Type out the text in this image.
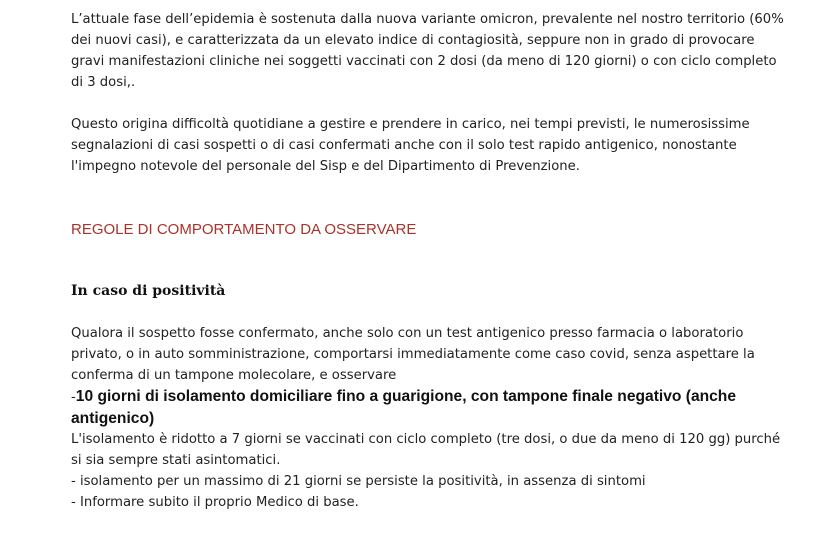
L’attuale fase dell’epidemia è sostenuta dalla nuova variante omicron, prevalente nel nostro territorio (60% dei nuovi casi), e caratterizzata da un elevato indice di contagiosità, seppure non in grado di provocare gravi manifestazioni cliniche nei soggetti vaccinati con 2 dosi (da meno di 120 giorni) o con ciclo completo di 3 dosi,.

Questo origina difficoltà quotidiane a gestire e prendere in carico, nei tempi previsti, le numerosissime segnalazioni di casi sospetti o di casi confermati anche con il solo test rapido antigenico, nonostante l'impegno notevole del personale del Sisp e del Dipartimento di Prevenzione.

REGOLE DI COMPORTAMENTO DA OSSERVARE

In caso di positività

Qualora il sospetto fosse confermato, anche solo con un test antigenico presso farmacia o laboratorio privato, o in auto somministrazione, comportarsi immediatamente come caso covid, senza aspettare la conferma di un tampone molecolare, e osservare

-10 giorni di isolamento domiciliare fino a guarigione, con tampone finale negativo (anche antigenico)

L'isolamento è ridotto a 7 giorni se vaccinati con ciclo completo (tre dosi, o due da meno di 120 gg) purché si sia sempre stati asintomatici.

- isolamento per un massimo di 21 giorni se persiste la positività, in assenza di sintomi

- Informare subito il proprio Medico di base.
